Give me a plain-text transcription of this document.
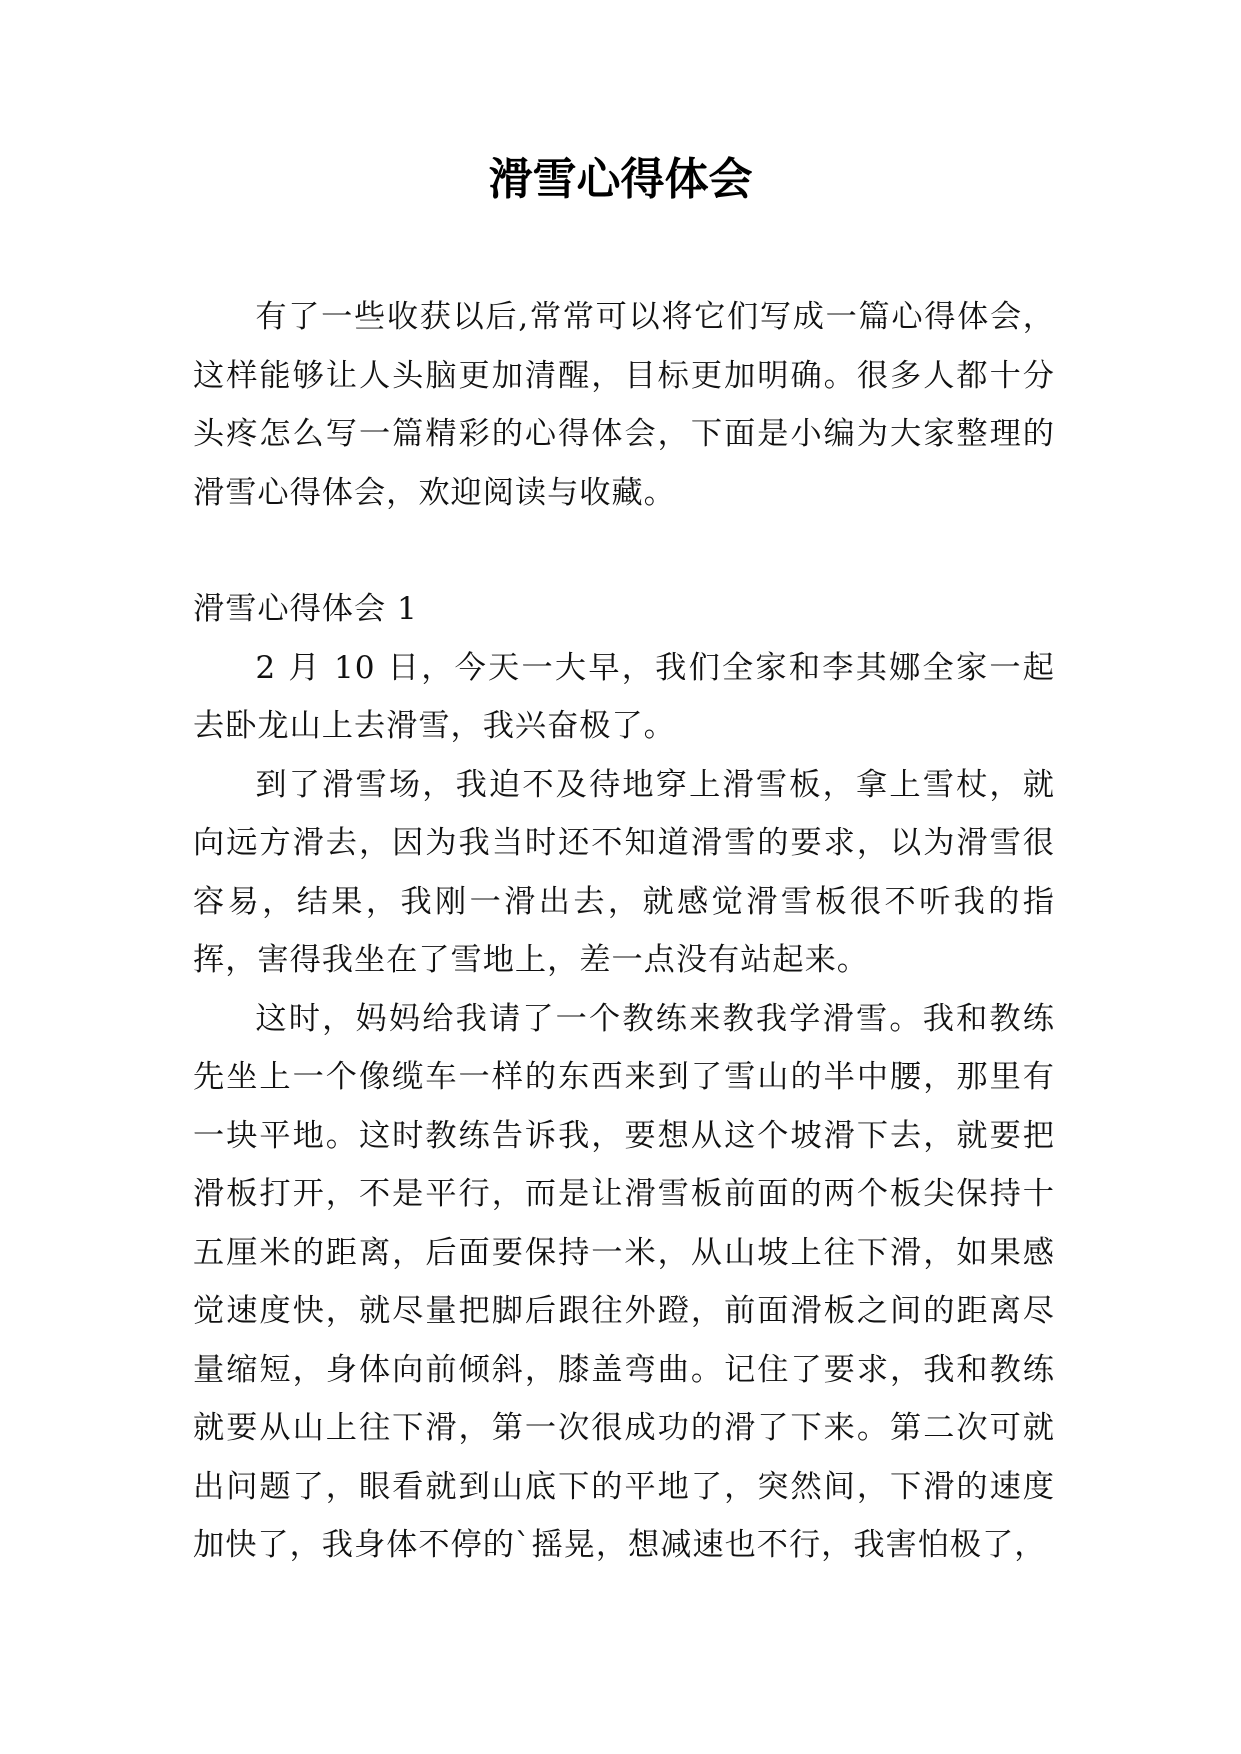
滑雪心得体会

有了一些收获以后,常常可以将它们写成一篇心得体会，这样能够让人头脑更加清醒，目标更加明确。很多人都十分头疼怎么写一篇精彩的心得体会，下面是小编为大家整理的滑雪心得体会，欢迎阅读与收藏。

滑雪心得体会 1

2 月 10 日，今天一大早，我们全家和李其娜全家一起去卧龙山上去滑雪，我兴奋极了。

到了滑雪场，我迫不及待地穿上滑雪板，拿上雪杖，就向远方滑去，因为我当时还不知道滑雪的要求，以为滑雪很容易，结果，我刚一滑出去，就感觉滑雪板很不听我的指挥，害得我坐在了雪地上，差一点没有站起来。

这时，妈妈给我请了一个教练来教我学滑雪。我和教练先坐上一个像缆车一样的东西来到了雪山的半中腰，那里有一块平地。这时教练告诉我，要想从这个坡滑下去，就要把滑板打开，不是平行，而是让滑雪板前面的两个板尖保持十五厘米的距离，后面要保持一米，从山坡上往下滑，如果感觉速度快，就尽量把脚后跟往外蹬，前面滑板之间的距离尽量缩短，身体向前倾斜，膝盖弯曲。记住了要求，我和教练就要从山上往下滑，第一次很成功的滑了下来。第二次可就出问题了，眼看就到山底下的平地了，突然间，下滑的速度加快了，我身体不停的`摇晃，想减速也不行，我害怕极了，
